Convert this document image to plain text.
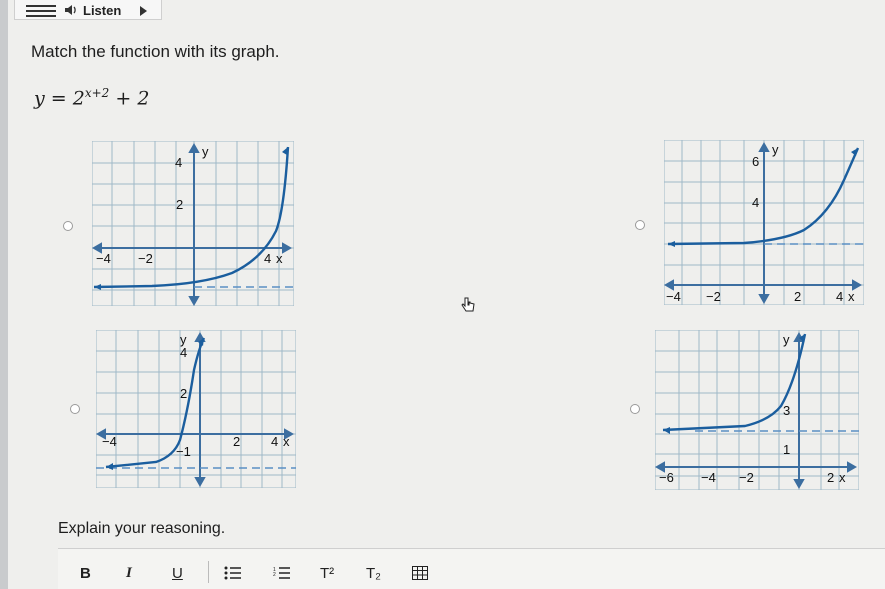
Listen
Match the function with its graph.
$y = 2^{x+2} + 2$
y
4
2
−4 −2	4 x
y
6
4
−4 −2	2	4 x
y
4
2
−4
−1
2 4 x
y
3
1
−6 −4 −2	2 x
Explain your reasoning.
B I	U	1
2	T² T₂
